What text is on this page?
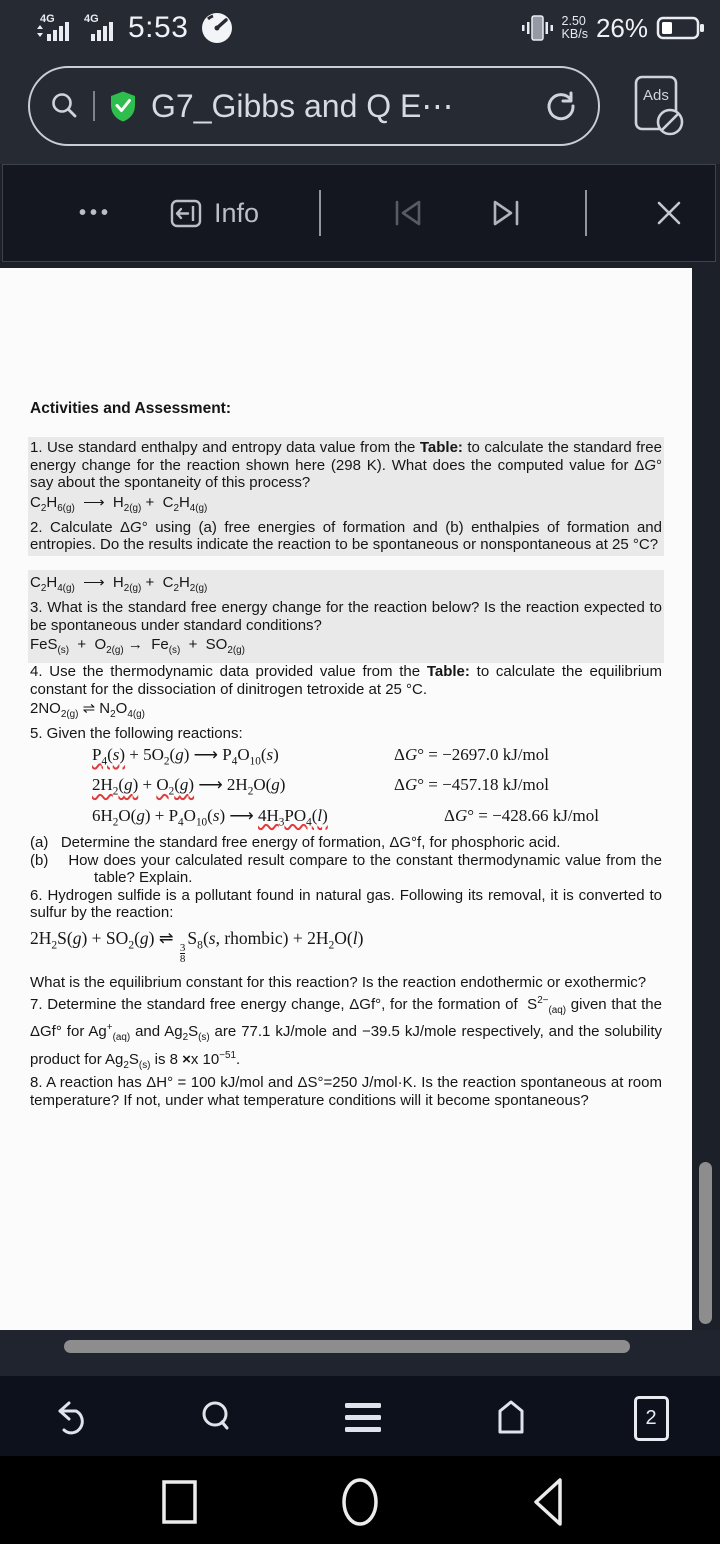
4G	4G 5:53	2.50
KB/s 26%
G7_Gibbs and Q E⋯	Ads
•••	Info
Activities and Assessment:
1. Use standard enthalpy and entropy data value from the Table: to calculate the standard free energy change for the reaction shown here (298 K). What does the computed value for ΔG° say about the spontaneity of this process?
$C_2H_{6(g)}$  ⟶  $H_{2(g)} + C_2H_{4(g)}$
2. Calculate ΔG° using (a) free energies of formation and (b) enthalpies of formation and entropies. Do the results indicate the reaction to be spontaneous or nonspontaneous at 25 °C?
$C_2H_{4(g)}$  ⟶  $H_{2(g)} + C_2H_{2(g)}$
3. What is the standard free energy change for the reaction below? Is the reaction expected to be spontaneous under standard conditions?
$FeS_{(s)} + O_{2(g)} \to Fe_{(s)} + SO_{2(g)}$
4. Use the thermodynamic data provided value from the Table: to calculate the equilibrium constant for the dissociation of dinitrogen tetroxide at 25 °C.
$2NO_{2(g)}$ ⇌ $N_2O_{4(g)}$
5. Given the following reactions:
$P_4(s) + 5O_2(g)$ ⟶ $P_4O_{10}(s)$	ΔG° = −2697.0 kJ/mol
$2H_2(g) + O_2(g)$ ⟶ $2H_2O(g)$	ΔG° = −457.18 kJ/mol
$6H_2O(g) + P_4O_{10}(s)$ ⟶ $4H_3PO_4(l)$	ΔG° = −428.66 kJ/mol
(a)   Determine the standard free energy of formation, ΔG°f, for phosphoric acid.
(b)    How does your calculated result compare to the constant thermodynamic value from the table? Explain.
6. Hydrogen sulfide is a pollutant found in natural gas. Following its removal, it is converted to sulfur by the reaction:
$2H_2S(g) + SO_2(g)$ ⇌
$\frac{3}{8}$
$S_8(s$, rhombic) + $2H_2O(l)$
What is the equilibrium constant for this reaction? Is the reaction endothermic or exothermic?
7. Determine the standard free energy change, ΔGf°, for the formation of  $S^{2-}_{(aq)}$ given that the ΔGf° for $Ag^+_{(aq)}$ and $Ag_2S_{(s)}$ are 77.1 kJ/mole and −39.5 kJ/mole respectively, and the solubility product for $Ag_2S_{(s)}$ is 8 ×x $10^{-51}$.
8. A reaction has ΔH° = 100 kJ/mol and ΔS°=250 J/mol·K. Is the reaction spontaneous at room temperature? If not, under what temperature conditions will it become spontaneous?
2
